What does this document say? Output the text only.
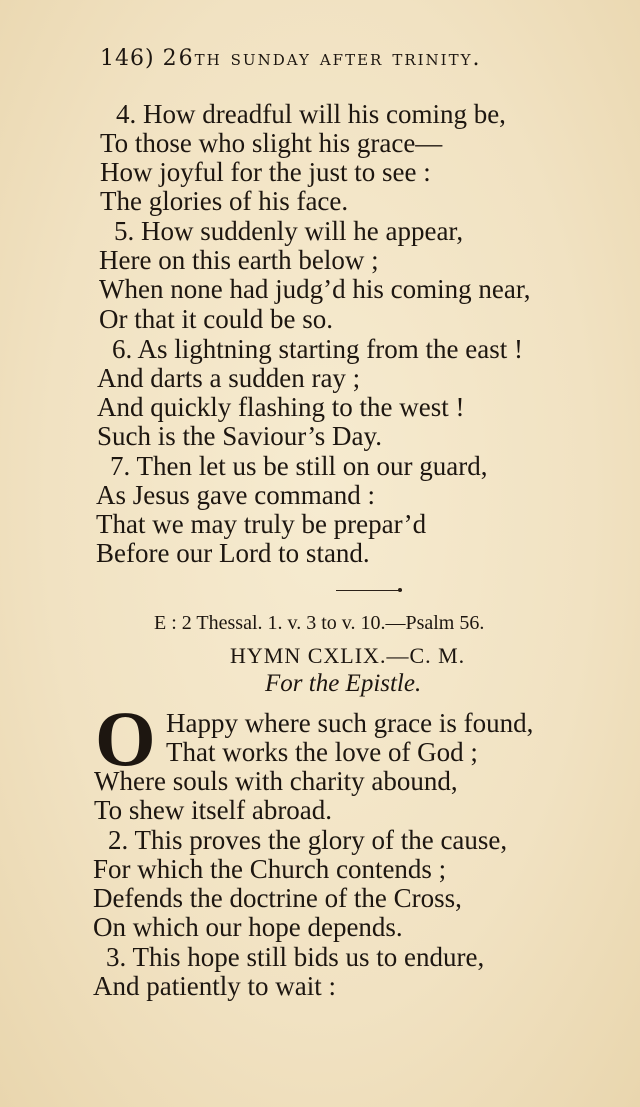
146) 26th sunday after trinity.
4. How dreadful will his coming be,
To those who slight his grace—
How joyful for the just to see :
The glories of his face.
5. How suddenly will he appear,
Here on this earth below ;
When none had judg’d his coming near,
Or that it could be so.
6. As lightning starting from the east !
And darts a sudden ray ;
And quickly flashing to the west !
Such is the Saviour’s Day.
7. Then let us be still on our guard,
As Jesus gave command :
That we may truly be prepar’d
Before our Lord to stand.
E : 2 Thessal. 1. v. 3 to v. 10.—Psalm 56.
HYMN CXLIX.—C. M.
For the Epistle.
O Happy where such grace is found,
That works the love of God ;
Where souls with charity abound,
To shew itself abroad.
2. This proves the glory of the cause,
For which the Church contends ;
Defends the doctrine of the Cross,
On which our hope depends.
3. This hope still bids us to endure,
And patiently to wait :
